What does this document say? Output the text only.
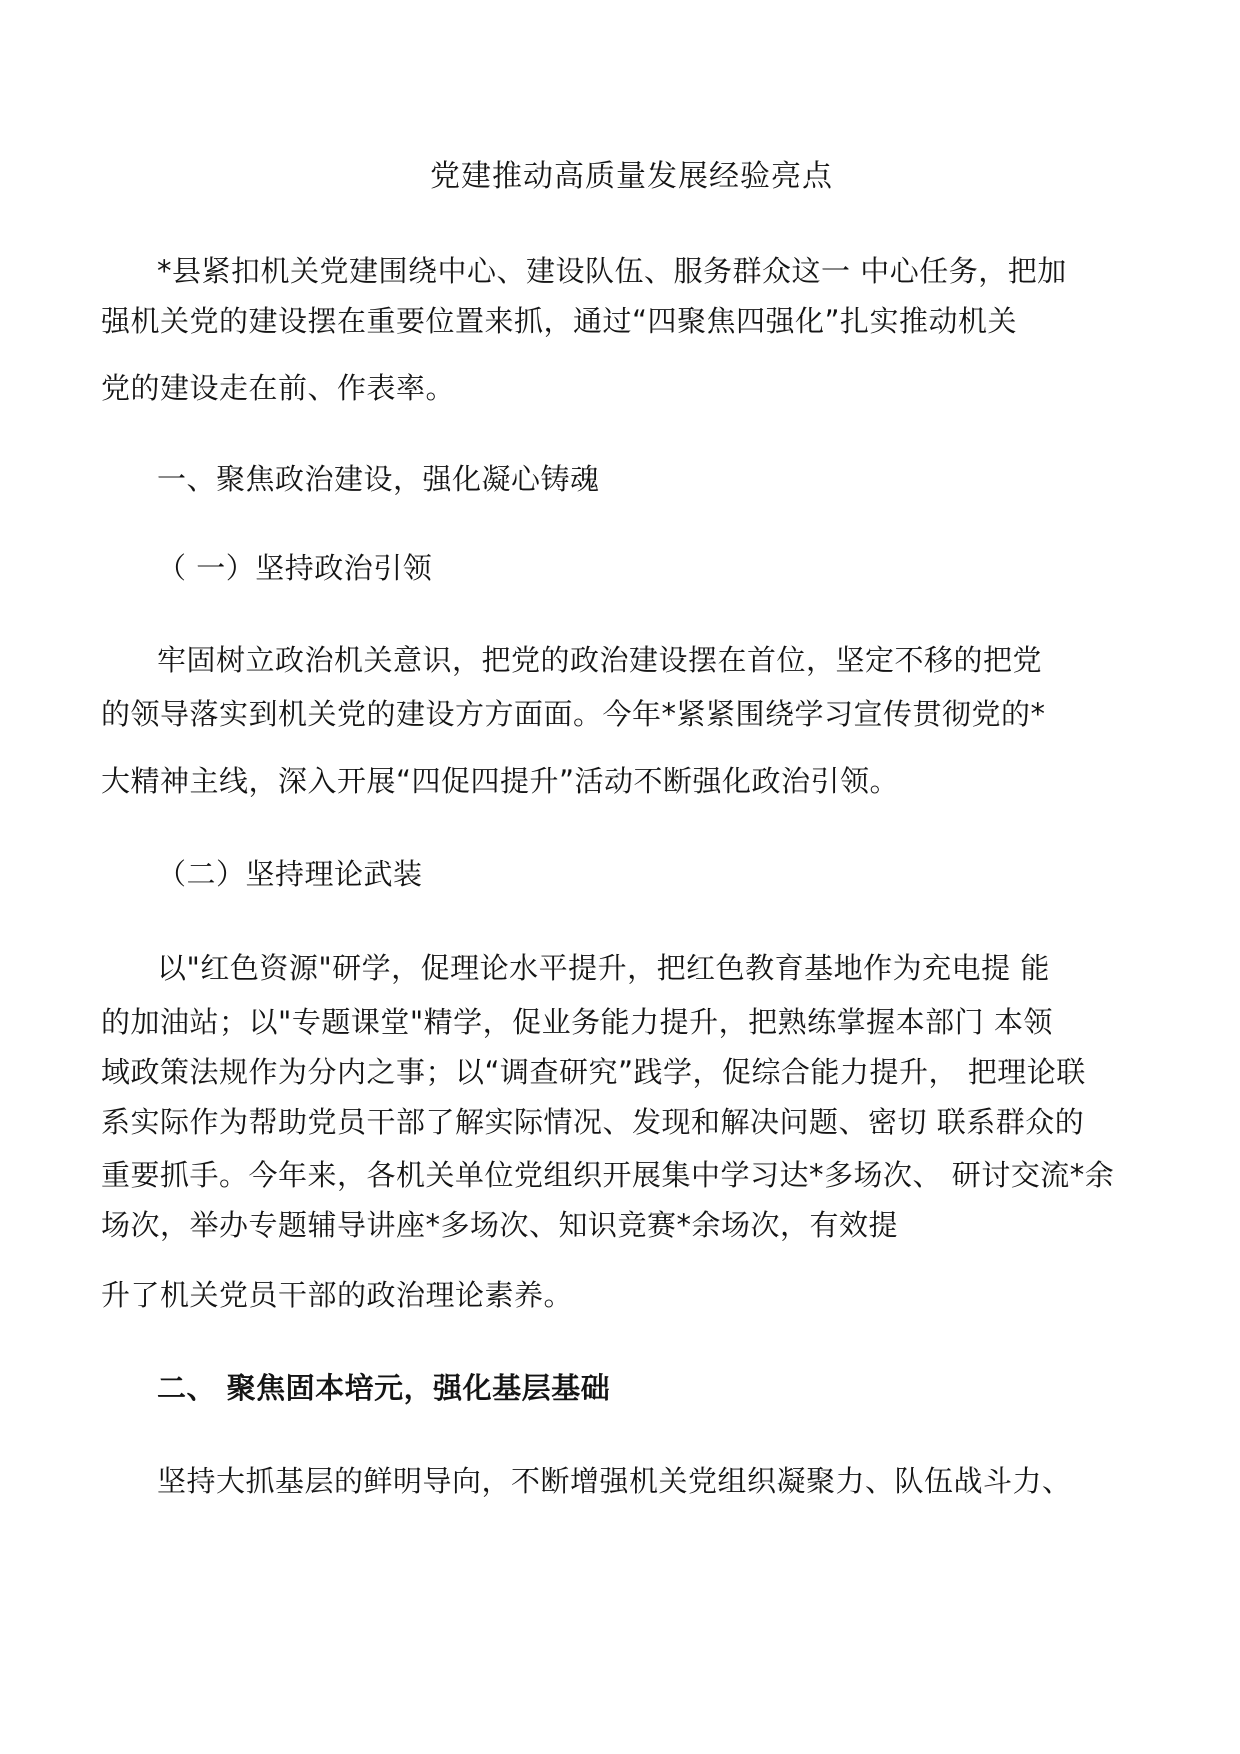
党建推动高质量发展经验亮点

*县紧扣机关党建围绕中心、建设队伍、服务群众这一 中心任务，把加

强机关党的建设摆在重要位置来抓，通过“四聚焦四强化”扎实推动机关

党的建设走在前、作表率。

一、聚焦政治建设，强化凝心铸魂

（ 一）坚持政治引领

牢固树立政治机关意识，把党的政治建设摆在首位，坚定不移的把党

的领导落实到机关党的建设方方面面。今年*紧紧围绕学习宣传贯彻党的*

大精神主线，深入开展“四促四提升”活动不断强化政治引领。

（二）坚持理论武装

以"红色资源"研学，促理论水平提升，把红色教育基地作为充电提 能

的加油站；以"专题课堂"精学，促业务能力提升，把熟练掌握本部门 本领

域政策法规作为分内之事；以“调查研究”践学，促综合能力提升， 把理论联

系实际作为帮助党员干部了解实际情况、发现和解决问题、密切 联系群众的

重要抓手。今年来，各机关单位党组织开展集中学习达*多场次、 研讨交流*余

场次，举办专题辅导讲座*多场次、知识竞赛*余场次，有效提

升了机关党员干部的政治理论素养。

二、 聚焦固本培元，强化基层基础

坚持大抓基层的鲜明导向，不断增强机关党组织凝聚力、队伍战斗力、
